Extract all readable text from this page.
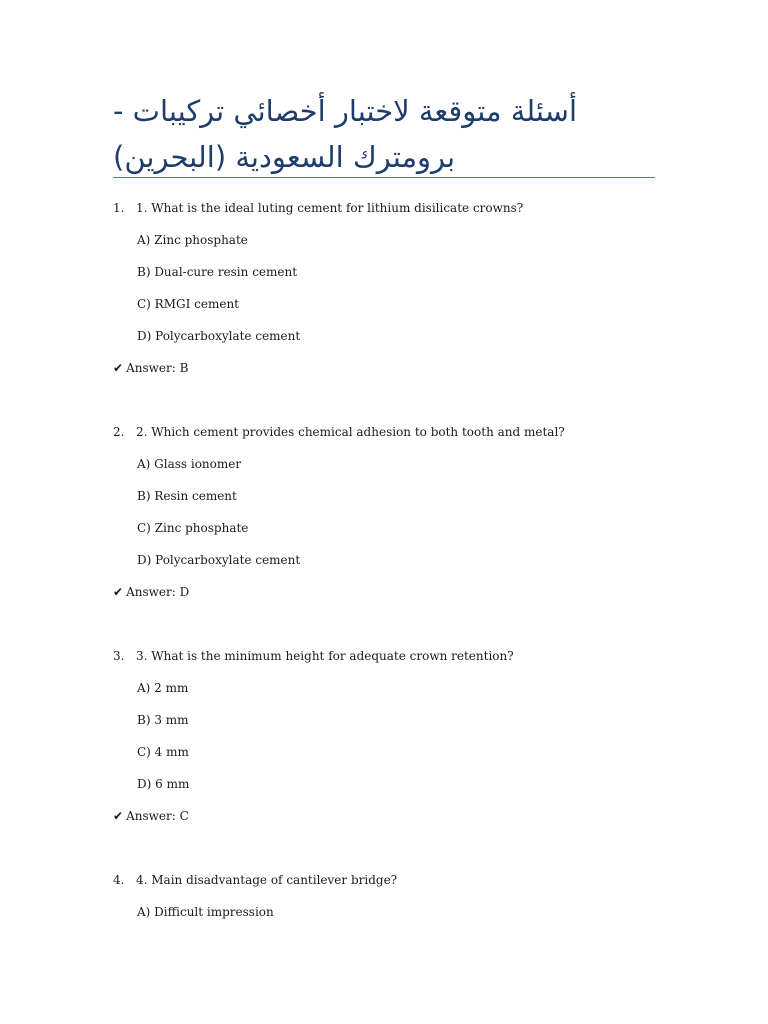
أسئلة متوقعة لاختبار أخصائي تركيبات - برومترك السعودية (البحرين)
1. 1. What is the ideal luting cement for lithium disilicate crowns?
A) Zinc phosphate
B) Dual-cure resin cement
C) RMGI cement
D) Polycarboxylate cement
✔ Answer: B
2. 2. Which cement provides chemical adhesion to both tooth and metal?
A) Glass ionomer
B) Resin cement
C) Zinc phosphate
D) Polycarboxylate cement
✔ Answer: D
3. 3. What is the minimum height for adequate crown retention?
A) 2 mm
B) 3 mm
C) 4 mm
D) 6 mm
✔ Answer: C
4. 4. Main disadvantage of cantilever bridge?
A) Difficult impression
